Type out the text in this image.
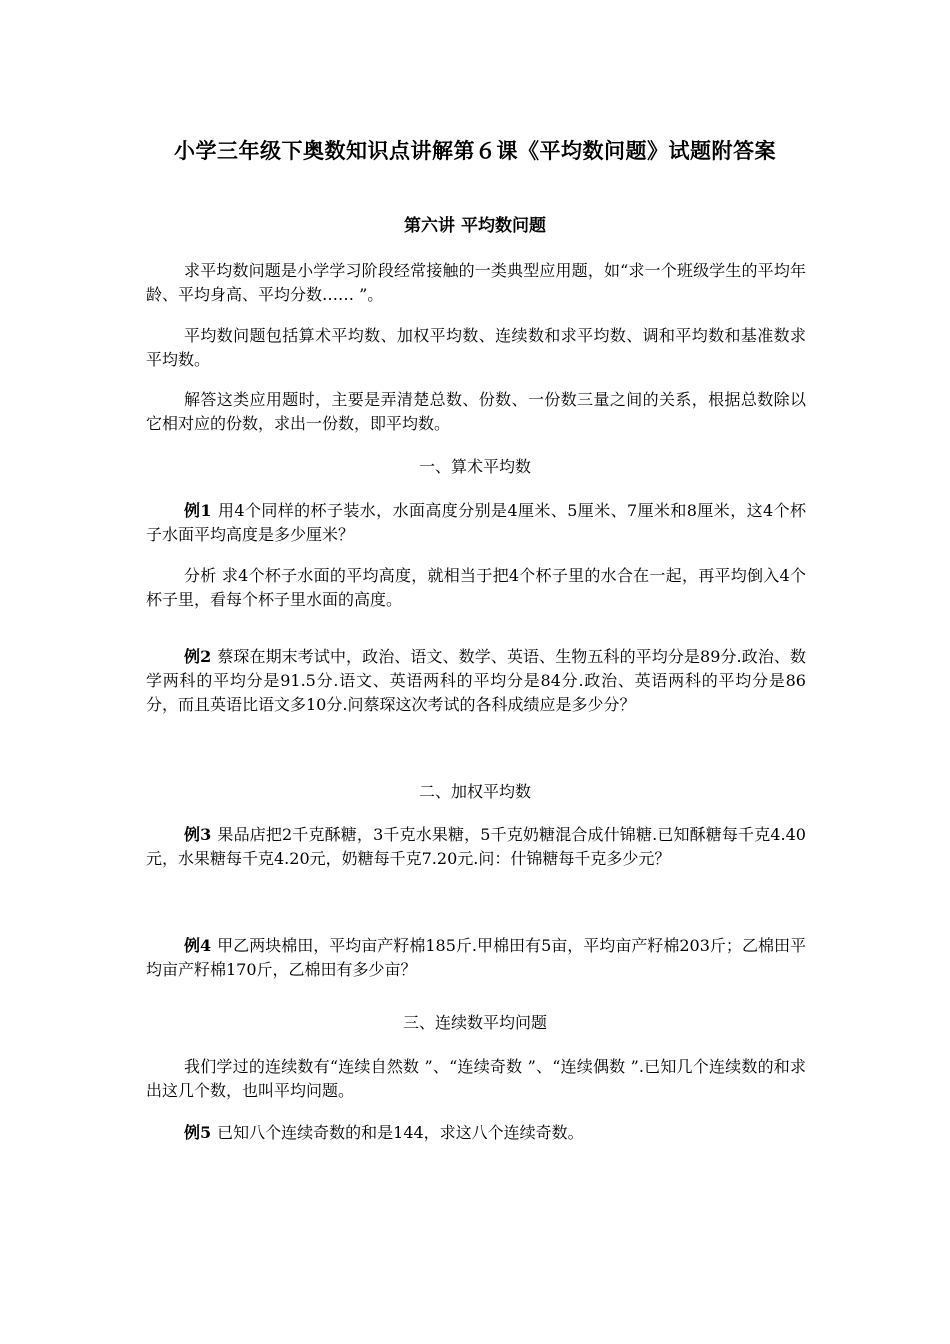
小学三年级下奥数知识点讲解第６课《平均数问题》试题附答案
第六讲 平均数问题

求平均数问题是小学学习阶段经常接触的一类典型应用题，如“求一个班级学生的平均年龄、平均身高、平均分数…… ”。

平均数问题包括算术平均数、加权平均数、连续数和求平均数、调和平均数和基准数求平均数。

解答这类应用题时，主要是弄清楚总数、份数、一份数三量之间的关系，根据总数除以它相对应的份数，求出一份数，即平均数。

一、算术平均数

例1 用4个同样的杯子装水，水面高度分别是4厘米、5厘米、7厘米和8厘米，这4个杯子水面平均高度是多少厘米？

分析 求4个杯子水面的平均高度，就相当于把4个杯子里的水合在一起，再平均倒入4个杯子里，看每个杯子里水面的高度。

例2 蔡琛在期末考试中，政治、语文、数学、英语、生物五科的平均分是89分.政治、数学两科的平均分是91.5分.语文、英语两科的平均分是84分.政治、英语两科的平均分是86分，而且英语比语文多10分.问蔡琛这次考试的各科成绩应是多少分？

二、加权平均数

例3 果品店把2千克酥糖，3千克水果糖，5千克奶糖混合成什锦糖.已知酥糖每千克4.40元，水果糖每千克4.20元，奶糖每千克7.20元.问：什锦糖每千克多少元？

例4 甲乙两块棉田，平均亩产籽棉185斤.甲棉田有5亩，平均亩产籽棉203斤；乙棉田平均亩产籽棉170斤，乙棉田有多少亩？

三、连续数平均问题

我们学过的连续数有“连续自然数 ”、“连续奇数 ”、“连续偶数 ”.已知几个连续数的和求出这几个数，也叫平均问题。

例5 已知八个连续奇数的和是144，求这八个连续奇数。
